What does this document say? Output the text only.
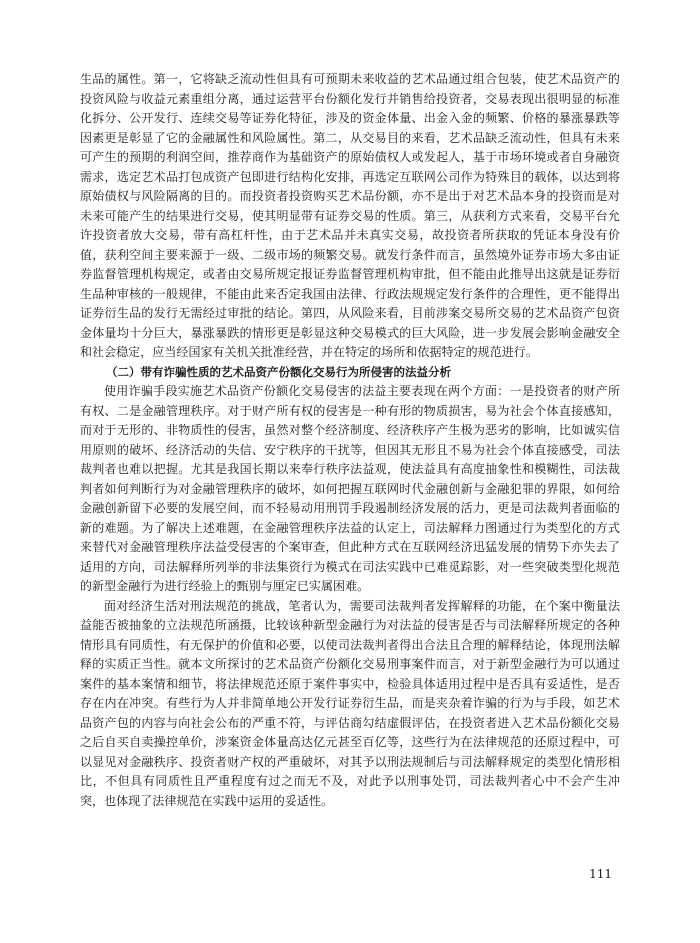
生品的属性。第一，它将缺乏流动性但具有可预期未来收益的艺术品通过组合包装，使艺术品资产的投资风险与收益元素重组分离，通过运营平台份额化发行并销售给投资者，交易表现出很明显的标准化拆分、公开发行、连续交易等证券化特征，涉及的资金体量、出金入金的频繁、价格的暴涨暴跌等因素更是彰显了它的金融属性和风险属性。第二，从交易目的来看，艺术品缺乏流动性，但具有未来可产生的预期的利润空间，推荐商作为基础资产的原始债权人或发起人，基于市场环境或者自身融资需求，选定艺术品打包成资产包即进行结构化安排，再选定互联网公司作为特殊目的载体，以达到将原始债权与风险隔离的目的。而投资者投资购买艺术品份额，亦不是出于对艺术品本身的投资而是对未来可能产生的结果进行交易，使其明显带有证券交易的性质。第三，从获利方式来看，交易平台允许投资者放大交易，带有高杠杆性，由于艺术品并未真实交易，故投资者所获取的凭证本身没有价值，获利空间主要来源于一级、二级市场的频繁交易。就发行条件而言，虽然境外证券市场大多由证券监督管理机构规定，或者由交易所规定报证券监督管理机构审批，但不能由此推导出这就是证券衍生品种审核的一般规律，不能由此来否定我国由法律、行政法规规定发行条件的合理性，更不能得出证券衍生品的发行无需经过审批的结论。第四，从风险来看，目前涉案交易所交易的艺术品资产包资金体量均十分巨大，暴涨暴跌的情形更是彰显这种交易模式的巨大风险，进一步发展会影响金融安全和社会稳定，应当经国家有关机关批准经营，并在特定的场所和依据特定的规范进行。

（二）带有诈骗性质的艺术品资产份额化交易行为所侵害的法益分析

使用诈骗手段实施艺术品资产份额化交易侵害的法益主要表现在两个方面：一是投资者的财产所有权、二是金融管理秩序。对于财产所有权的侵害是一种有形的物质损害，易为社会个体直接感知，而对于无形的、非物质性的侵害，虽然对整个经济制度、经济秩序产生极为恶劣的影响，比如诚实信用原则的破坏、经济活动的失信、安宁秩序的干扰等，但因其无形且不易为社会个体直接感受，司法裁判者也难以把握。尤其是我国长期以来奉行秩序法益观，使法益具有高度抽象性和模糊性，司法裁判者如何判断行为对金融管理秩序的破坏，如何把握互联网时代金融创新与金融犯罪的界限，如何给金融创新留下必要的发展空间，而不轻易动用刑罚手段遏制经济发展的活力，更是司法裁判者面临的新的难题。为了解决上述难题，在金融管理秩序法益的认定上，司法解释力图通过行为类型化的方式来替代对金融管理秩序法益受侵害的个案审查，但此种方式在互联网经济迅猛发展的情势下亦失去了适用的方向，司法解释所列举的非法集资行为模式在司法实践中已难觅踪影，对一些突破类型化规范的新型金融行为进行经验上的甄别与厘定已实属困难。

面对经济生活对刑法规范的挑战，笔者认为，需要司法裁判者发挥解释的功能，在个案中衡量法益能否被抽象的立法规范所涵摄，比较该种新型金融行为对法益的侵害是否与司法解释所规定的各种情形具有同质性，有无保护的价值和必要，以使司法裁判者得出合法且合理的解释结论，体现刑法解释的实质正当性。就本文所探讨的艺术品资产份额化交易刑事案件而言，对于新型金融行为可以通过案件的基本案情和细节，将法律规范还原于案件事实中，检验具体适用过程中是否具有妥适性，是否存在内在冲突。有些行为人并非简单地公开发行证券衍生品，而是夹杂着诈骗的行为与手段，如艺术品资产包的内容与向社会公布的严重不符，与评估商勾结虚假评估，在投资者进入艺术品份额化交易之后自买自卖操控单价，涉案资金体量高达亿元甚至百亿等，这些行为在法律规范的还原过程中，可以显见对金融秩序、投资者财产权的严重破坏，对其予以刑法规制后与司法解释规定的类型化情形相比，不但具有同质性且严重程度有过之而无不及，对此予以刑事处罚，司法裁判者心中不会产生冲突，也体现了法律规范在实践中运用的妥适性。

111
